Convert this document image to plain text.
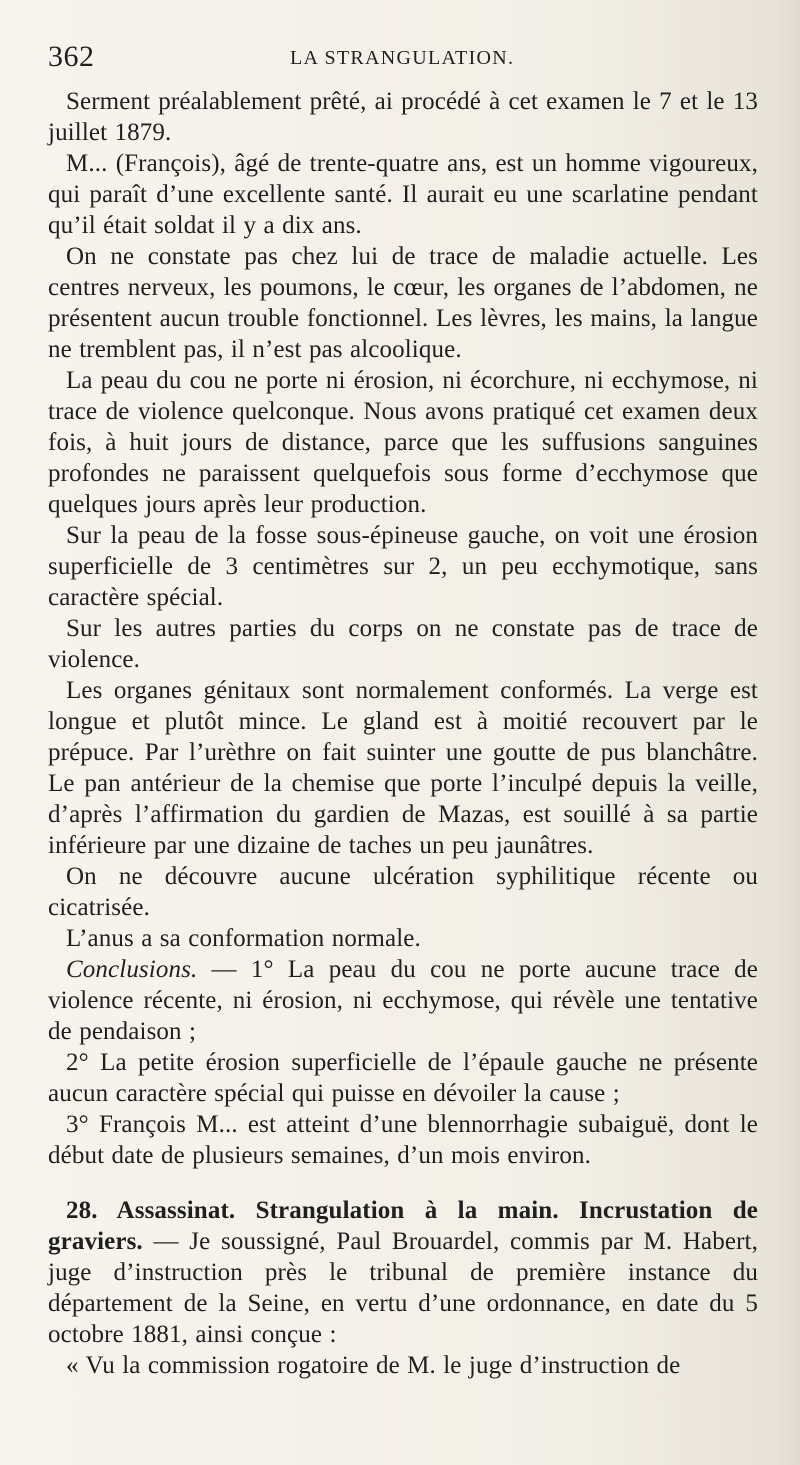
362	LA STRANGULATION.

Serment préalablement prêté, ai procédé à cet examen le 7 et le 13 juillet 1879.

M... (François), âgé de trente-quatre ans, est un homme vigoureux, qui paraît d’une excellente santé. Il aurait eu une scarlatine pendant qu’il était soldat il y a dix ans.

On ne constate pas chez lui de trace de maladie actuelle. Les centres nerveux, les poumons, le cœur, les organes de l’abdomen, ne présentent aucun trouble fonctionnel. Les lèvres, les mains, la langue ne tremblent pas, il n’est pas alcoolique.

La peau du cou ne porte ni érosion, ni écorchure, ni ecchymose, ni trace de violence quelconque. Nous avons pratiqué cet examen deux fois, à huit jours de distance, parce que les suffusions sanguines profondes ne paraissent quelquefois sous forme d’ecchymose que quelques jours après leur production.

Sur la peau de la fosse sous-épineuse gauche, on voit une érosion superficielle de 3 centimètres sur 2, un peu ecchymotique, sans caractère spécial.

Sur les autres parties du corps on ne constate pas de trace de violence.

Les organes génitaux sont normalement conformés. La verge est longue et plutôt mince. Le gland est à moitié recouvert par le prépuce. Par l’urèthre on fait suinter une goutte de pus blanchâtre. Le pan antérieur de la chemise que porte l’inculpé depuis la veille, d’après l’affirmation du gardien de Mazas, est souillé à sa partie inférieure par une dizaine de taches un peu jaunâtres.

On ne découvre aucune ulcération syphilitique récente ou cicatrisée.

L’anus a sa conformation normale.

Conclusions. — 1° La peau du cou ne porte aucune trace de violence récente, ni érosion, ni ecchymose, qui révèle une tentative de pendaison ;

2° La petite érosion superficielle de l’épaule gauche ne présente aucun caractère spécial qui puisse en dévoiler la cause ;

3° François M... est atteint d’une blennorrhagie subaiguë, dont le début date de plusieurs semaines, d’un mois environ.

28. Assassinat. Strangulation à la main. Incrustation de graviers. — Je soussigné, Paul Brouardel, commis par M. Habert, juge d’instruction près le tribunal de première instance du département de la Seine, en vertu d’une ordonnance, en date du 5 octobre 1881, ainsi conçue :

« Vu la commission rogatoire de M. le juge d’instruction de
